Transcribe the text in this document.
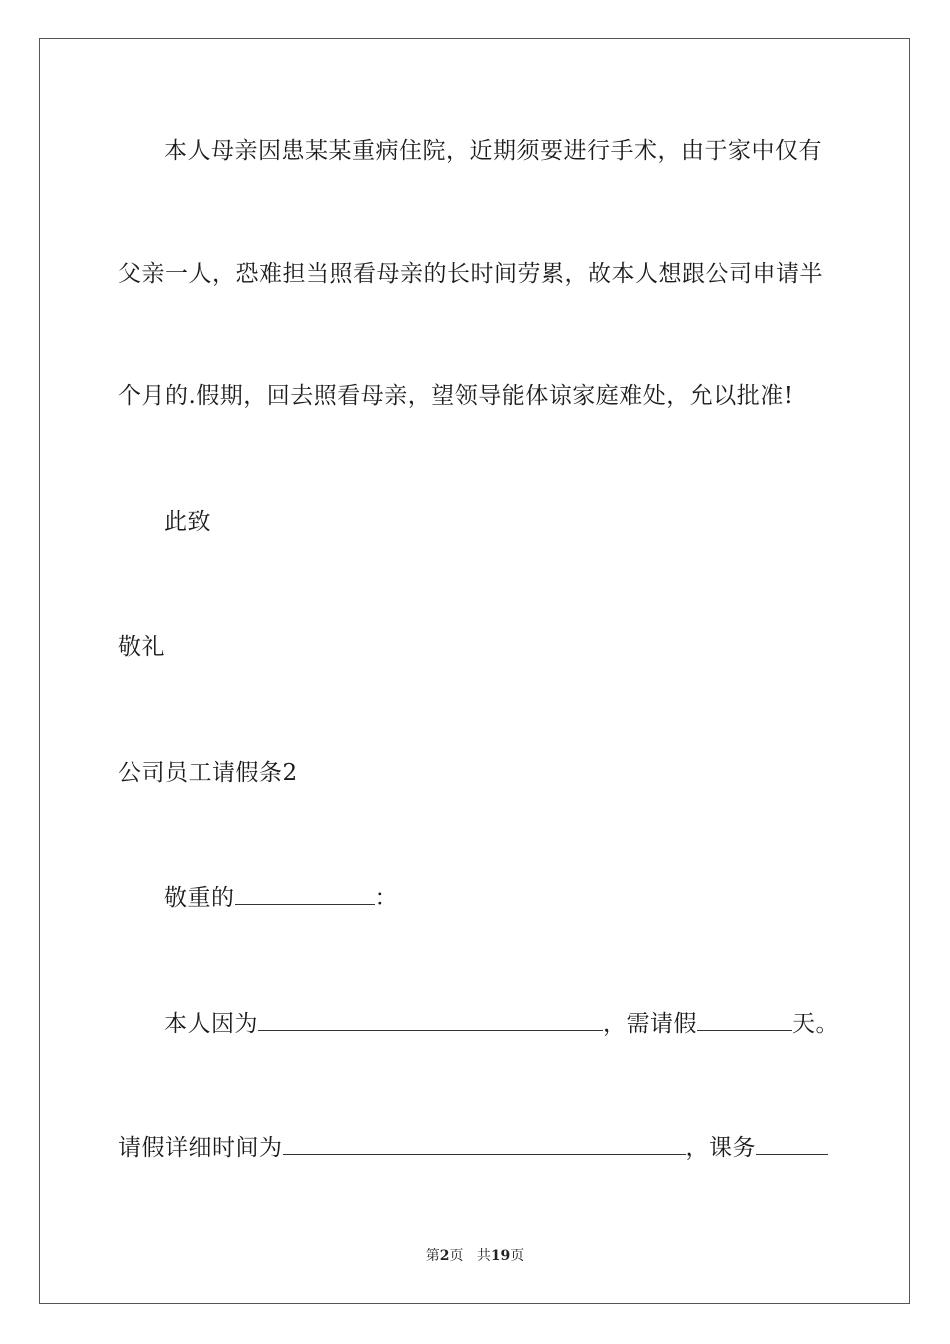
本人母亲因患某某重病住院，近期须要进行手术，由于家中仅有
父亲一人，恐难担当照看母亲的长时间劳累，故本人想跟公司申请半
个月的.假期，回去照看母亲，望领导能体谅家庭难处，允以批准!
此致
敬礼
公司员工请假条2
敬重的	：
本人因为	，需请假	天。
请假详细时间为	，课务
第2页 共19页
